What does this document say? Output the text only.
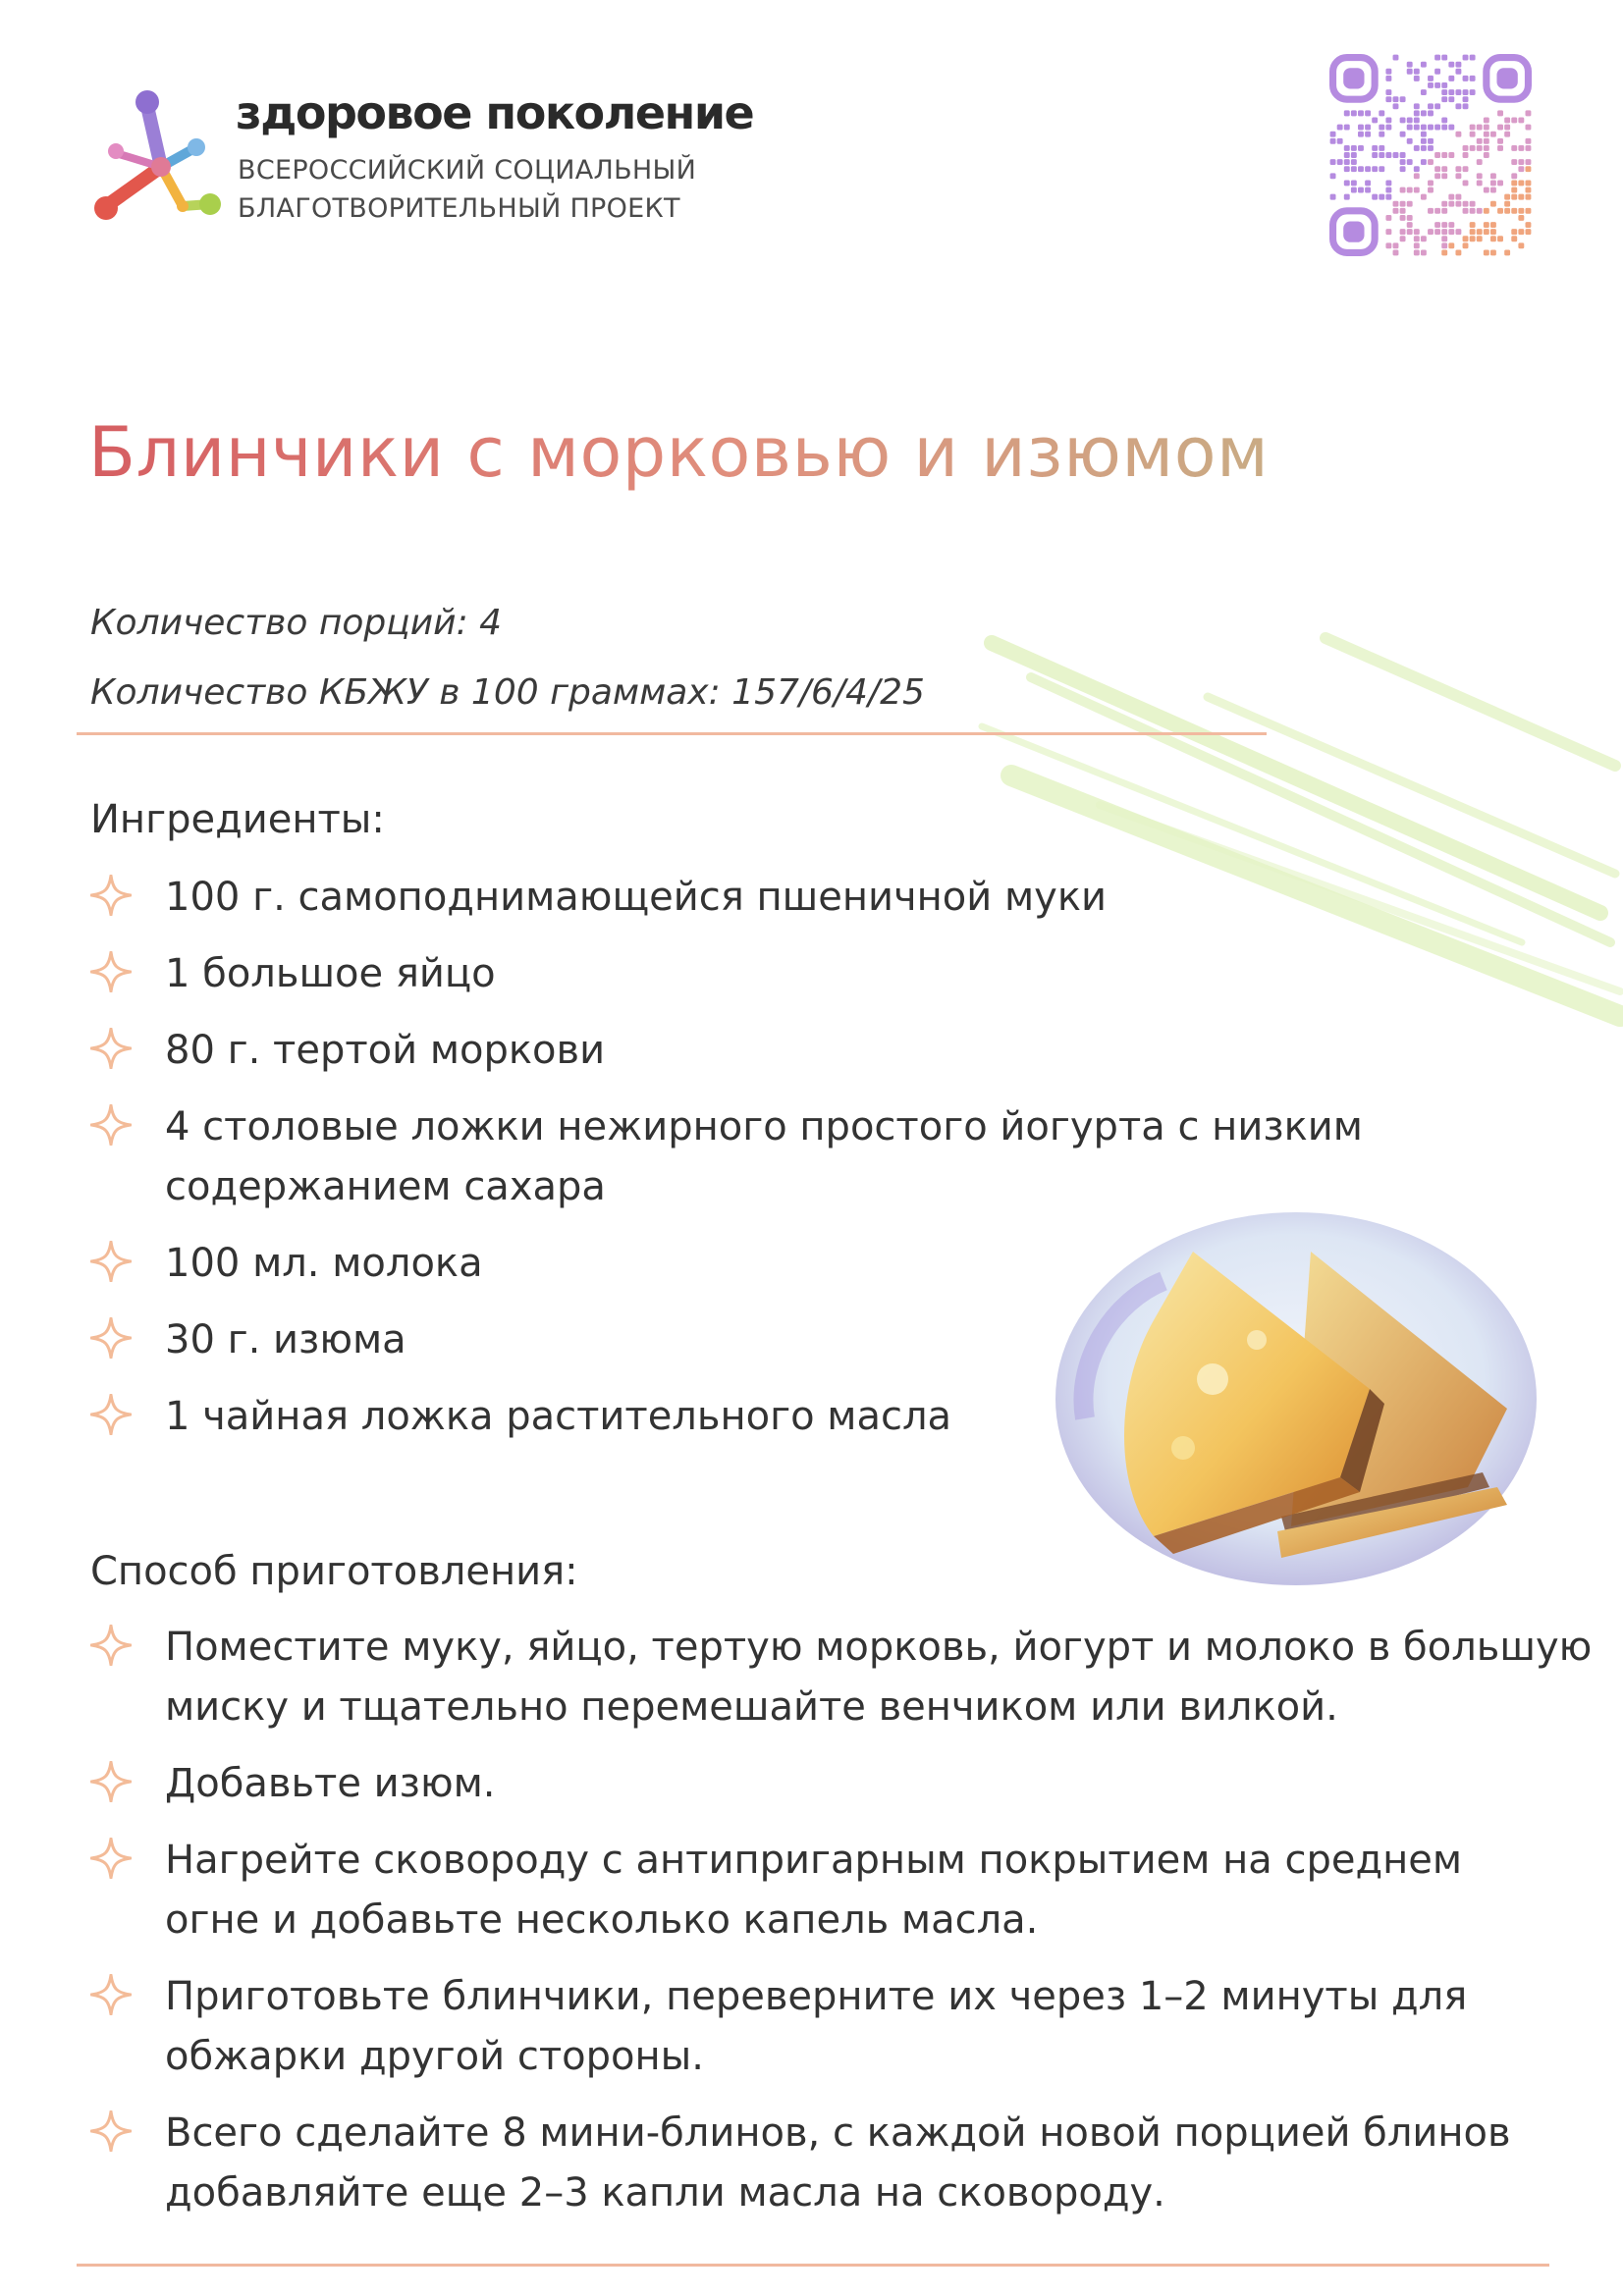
здоровое поколение
ВСЕРОССИЙСКИЙ СОЦИАЛЬНЫЙ
БЛАГОТВОРИТЕЛЬНЫЙ ПРОЕКТ
Блинчики с морковью и изюмом
Количество порций: 4
Количество КБЖУ в 100 граммах: 157/6/4/25
Ингредиенты:
100 г. самоподнимающейся пшеничной муки
1 большое яйцо
80 г. тертой моркови
4 столовые ложки нежирного простого йогурта с низким содержанием сахара
100 мл. молока
30 г. изюма
1 чайная ложка растительного масла
Способ приготовления:
Поместите муку, яйцо, тертую морковь, йогурт и молоко в большую миску и тщательно перемешайте венчиком или вилкой.
Добавьте изюм.
Нагрейте сковороду с антипригарным покрытием на среднем огне и добавьте несколько капель масла.
Приготовьте блинчики, переверните их через 1–2 минуты для обжарки другой стороны.
Всего сделайте 8 мини-блинов, с каждой новой порцией блинов добавляйте еще 2–3 капли масла на сковороду.
